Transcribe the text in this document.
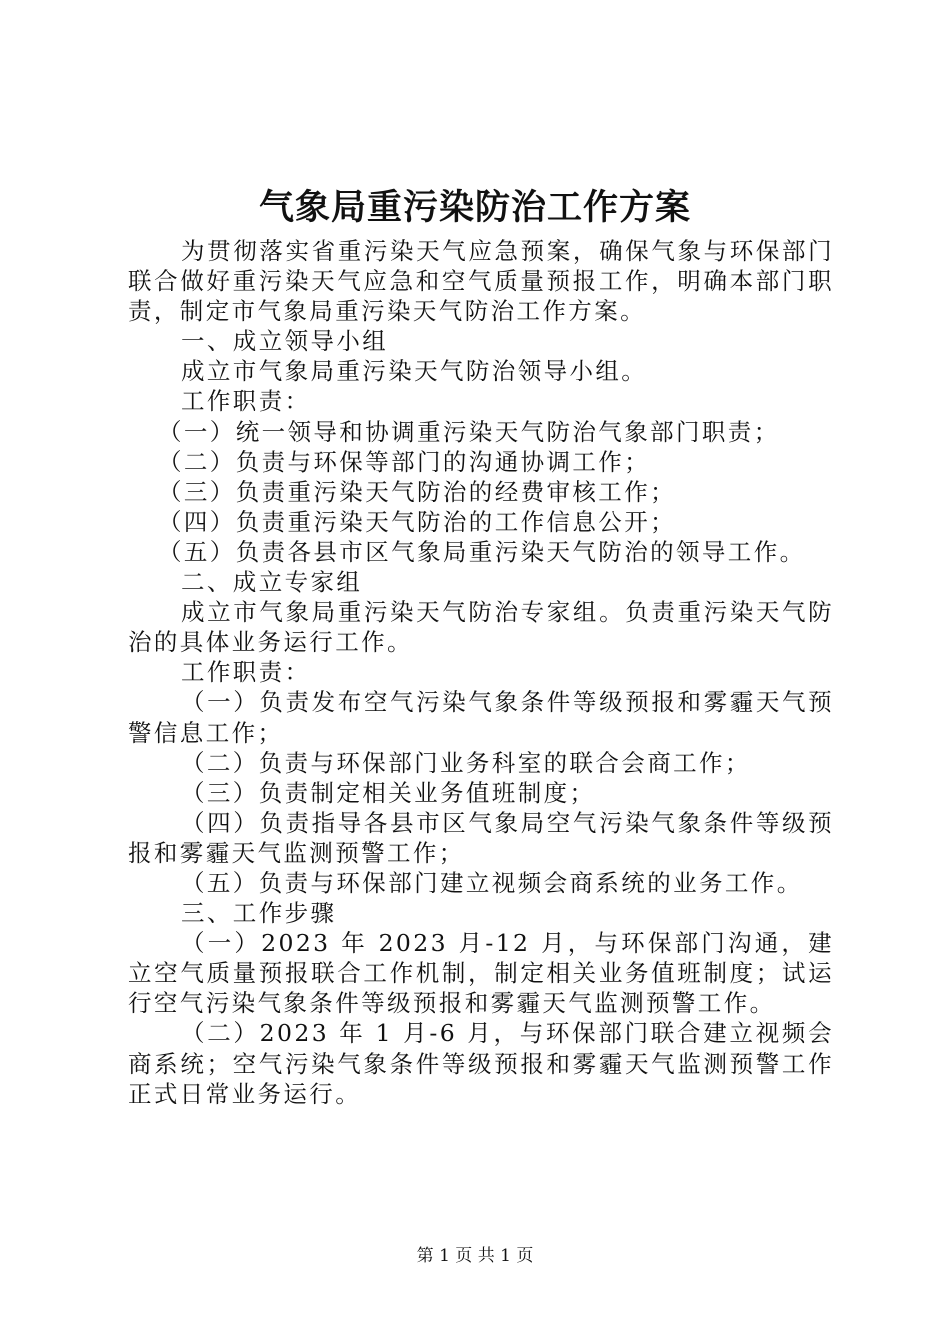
气象局重污染防治工作方案

为贯彻落实省重污染天气应急预案，确保气象与环保部门联合做好重污染天气应急和空气质量预报工作，明确本部门职责，制定市气象局重污染天气防治工作方案。

一、成立领导小组

成立市气象局重污染天气防治领导小组。

工作职责：

（一）统一领导和协调重污染天气防治气象部门职责；

（二）负责与环保等部门的沟通协调工作；

（三）负责重污染天气防治的经费审核工作；

（四）负责重污染天气防治的工作信息公开；

（五）负责各县市区气象局重污染天气防治的领导工作。

二、成立专家组

成立市气象局重污染天气防治专家组。负责重污染天气防治的具体业务运行工作。

工作职责：

（一）负责发布空气污染气象条件等级预报和雾霾天气预警信息工作；

（二）负责与环保部门业务科室的联合会商工作；

（三）负责制定相关业务值班制度；

（四）负责指导各县市区气象局空气污染气象条件等级预报和雾霾天气监测预警工作；

（五）负责与环保部门建立视频会商系统的业务工作。

三、工作步骤

（一）2023 年 2023 月-12 月，与环保部门沟通，建立空气质量预报联合工作机制，制定相关业务值班制度；试运行空气污染气象条件等级预报和雾霾天气监测预警工作。

（二）2023 年 1 月-6 月，与环保部门联合建立视频会商系统；空气污染气象条件等级预报和雾霾天气监测预警工作正式日常业务运行。

第 1 页 共 1 页
